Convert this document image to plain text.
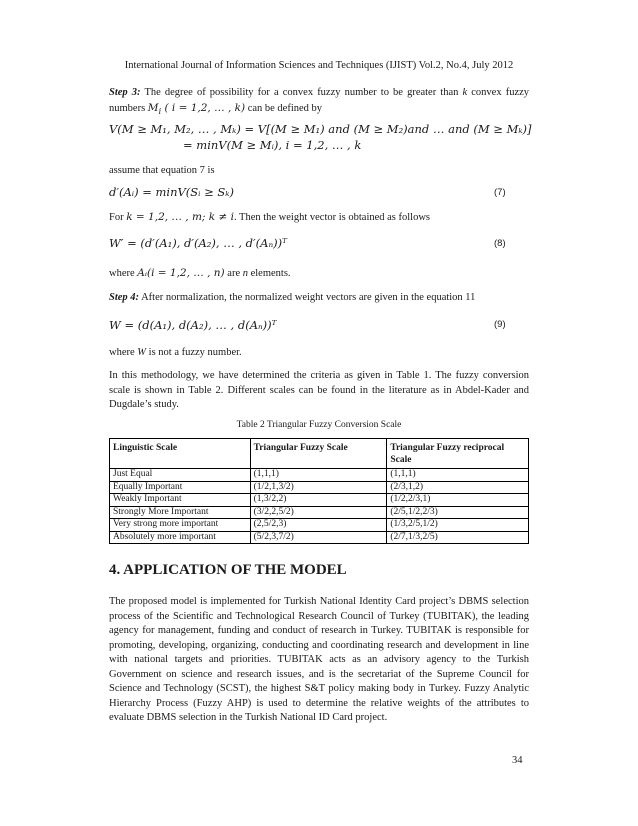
International Journal of Information Sciences and Techniques (IJIST) Vol.2, No.4, July 2012
Step 3: The degree of possibility for a convex fuzzy number to be greater than k convex fuzzy numbers $M_i$ ( i = 1,2, … , k) can be defined by
V(M ≥ M₁, M₂, … , Mₖ) = V[(M ≥ M₁) and (M ≥ M₂)and … and (M ≥ Mₖ)]
= minV(M ≥ Mᵢ), i = 1,2, … , k
assume that equation 7 is
d′(Aᵢ) = minV(Sᵢ ≥ Sₖ)	(7)
For k = 1,2, … , m; k ≠ i. Then the weight vector is obtained as follows
W′ = (d′(A₁), d′(A₂), … , d′(Aₙ))ᵀ	(8)
where Aᵢ(i = 1,2, … , n) are n elements.
Step 4: After normalization, the normalized weight vectors are given in the equation 11
W = (d(A₁), d(A₂), … , d(Aₙ))ᵀ	(9)
where W is not a fuzzy number.
In this methodology, we have determined the criteria as given in Table 1. The fuzzy conversion scale is shown in Table 2. Different scales can be found in the literature as in Abdel-Kader and Dugdale’s study.
Table 2 Triangular Fuzzy Conversion Scale
Linguistic Scale	Triangular Fuzzy Scale	Triangular Fuzzy reciprocal Scale
Just Equal	(1,1,1)	(1,1,1)
Equally Important	(1/2,1,3/2)	(2/3,1,2)
Weakly Important	(1,3/2,2)	(1/2,2/3,1)
Strongly More Important	(3/2,2,5/2)	(2/5,1/2,2/3)
Very strong more important	(2,5/2,3)	(1/3,2/5,1/2)
Absolutely more important	(5/2,3,7/2)	(2/7,1/3,2/5)
4. APPLICATION OF THE MODEL
The proposed model is implemented for Turkish National Identity Card project’s DBMS selection process of the Scientific and Technological Research Council of Turkey (TUBITAK), the leading agency for management, funding and conduct of research in Turkey. TUBITAK is responsible for promoting, developing, organizing, conducting and coordinating research and development in line with national targets and priorities. TUBITAK acts as an advisory agency to the Turkish Government on science and research issues, and is the secretariat of the Supreme Council for Science and Technology (SCST), the highest S&T policy making body in Turkey. Fuzzy Analytic Hierarchy Process (Fuzzy AHP) is used to determine the relative weights of the attributes to evaluate DBMS selection in the Turkish National ID Card project.
34
